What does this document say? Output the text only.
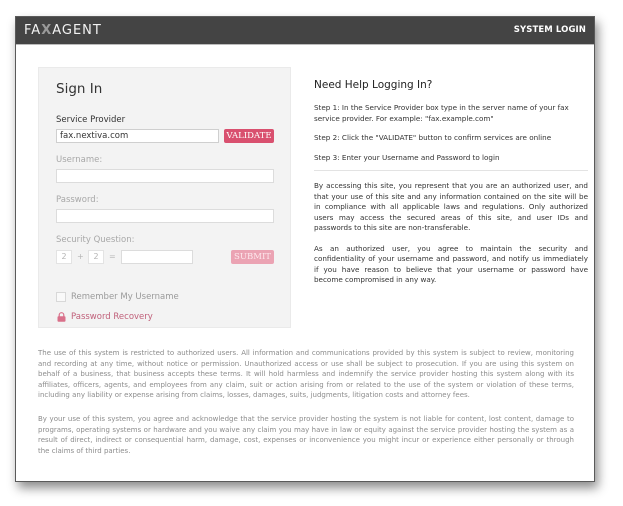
FAXAGENT	SYSTEM LOGIN
Sign In
Service Provider
fax.nextiva.com	VALIDATE
Username:
Password:
Security Question:
2	+	2	=	SUBMIT
Remember My Username
Password Recovery
Need Help Logging In?
Step 1: In the Service Provider box type in the server name of your fax service provider. For example: "fax.example.com"
Step 2: Click the "VALIDATE" button to confirm services are online
Step 3: Enter your Username and Password to login
By accessing this site, you represent that you are an authorized user, and that your use of this site and any information contained on the site will be in compliance with all applicable laws and regulations. Only authorized users may access the secured areas of this site, and user IDs and passwords to this site are non-transferable.
As an authorized user, you agree to maintain the security and confidentiality of your username and password, and notify us immediately if you have reason to believe that your username or password have become compromised in any way.
The use of this system is restricted to authorized users. All information and communications provided by this system is subject to review, monitoring and recording at any time, without notice or permission. Unauthorized access or use shall be subject to prosecution. If you are using this system on behalf of a business, that business accepts these terms. It will hold harmless and indemnify the service provider hosting this system along with its affiliates, officers, agents, and employees from any claim, suit or action arising from or related to the use of the system or violation of these terms, including any liability or expense arising from claims, losses, damages, suits, judgments, litigation costs and attorney fees.
By your use of this system, you agree and acknowledge that the service provider hosting the system is not liable for content, lost content, damage to programs, operating systems or hardware and you waive any claim you may have in law or equity against the service provider hosting the system as a result of direct, indirect or consequential harm, damage, cost, expenses or inconvenience you might incur or experience either personally or through the claims of third parties.
